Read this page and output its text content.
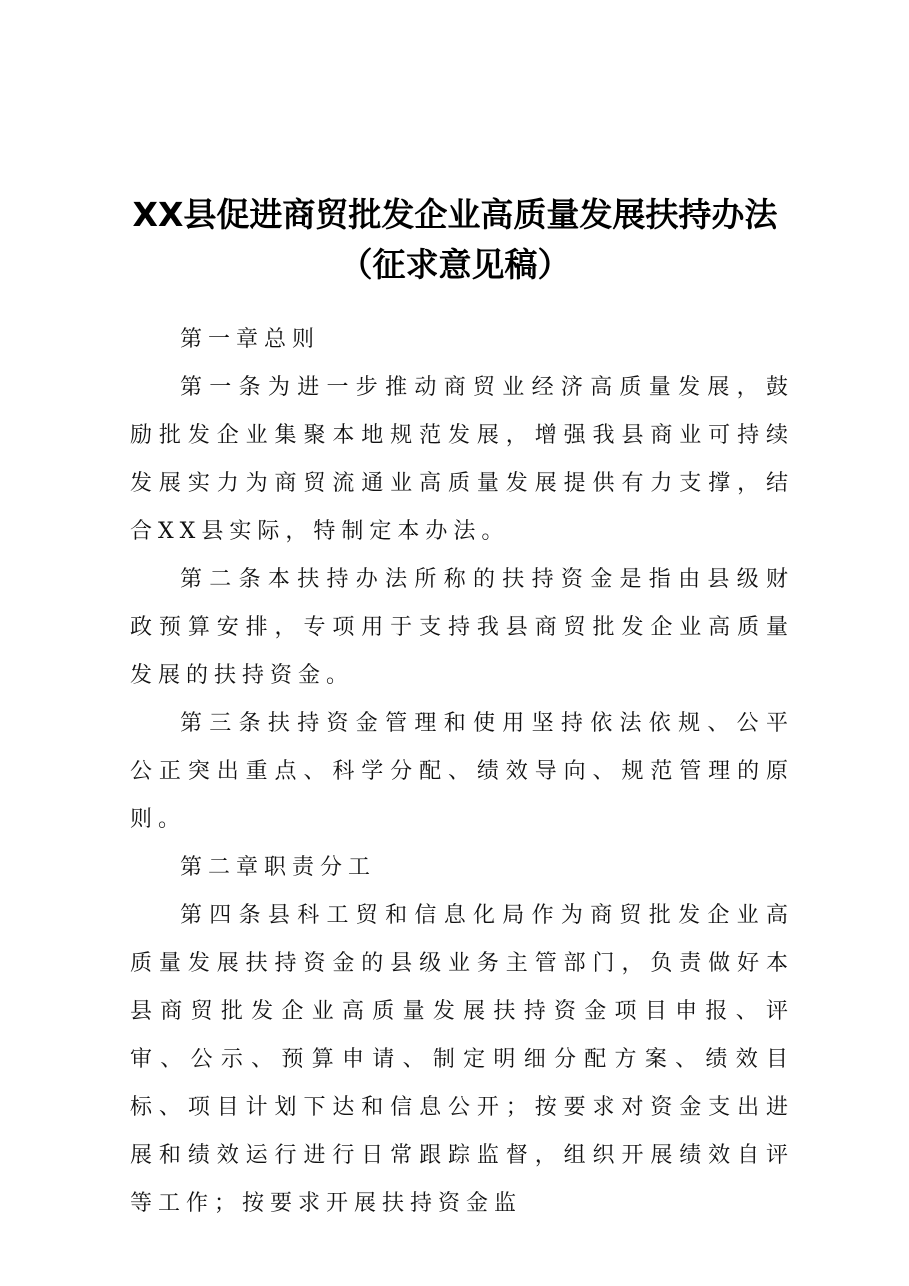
XX县促进商贸批发企业高质量发展扶持办法（征求意见稿）

第一章总则

第一条为进一步推动商贸业经济高质量发展，鼓励批发企业集聚本地规范发展，增强我县商业可持续发展实力为商贸流通业高质量发展提供有力支撑，结合XX县实际，特制定本办法。

第二条本扶持办法所称的扶持资金是指由县级财政预算安排，专项用于支持我县商贸批发企业高质量发展的扶持资金。

第三条扶持资金管理和使用坚持依法依规、公平公正突出重点、科学分配、绩效导向、规范管理的原则。

第二章职责分工

第四条县科工贸和信息化局作为商贸批发企业高质量发展扶持资金的县级业务主管部门，负责做好本县商贸批发企业高质量发展扶持资金项目申报、评审、公示、预算申请、制定明细分配方案、绩效目标、项目计划下达和信息公开；按要求对资金支出进展和绩效运行进行日常跟踪监督，组织开展绩效自评等工作；按要求开展扶持资金监
